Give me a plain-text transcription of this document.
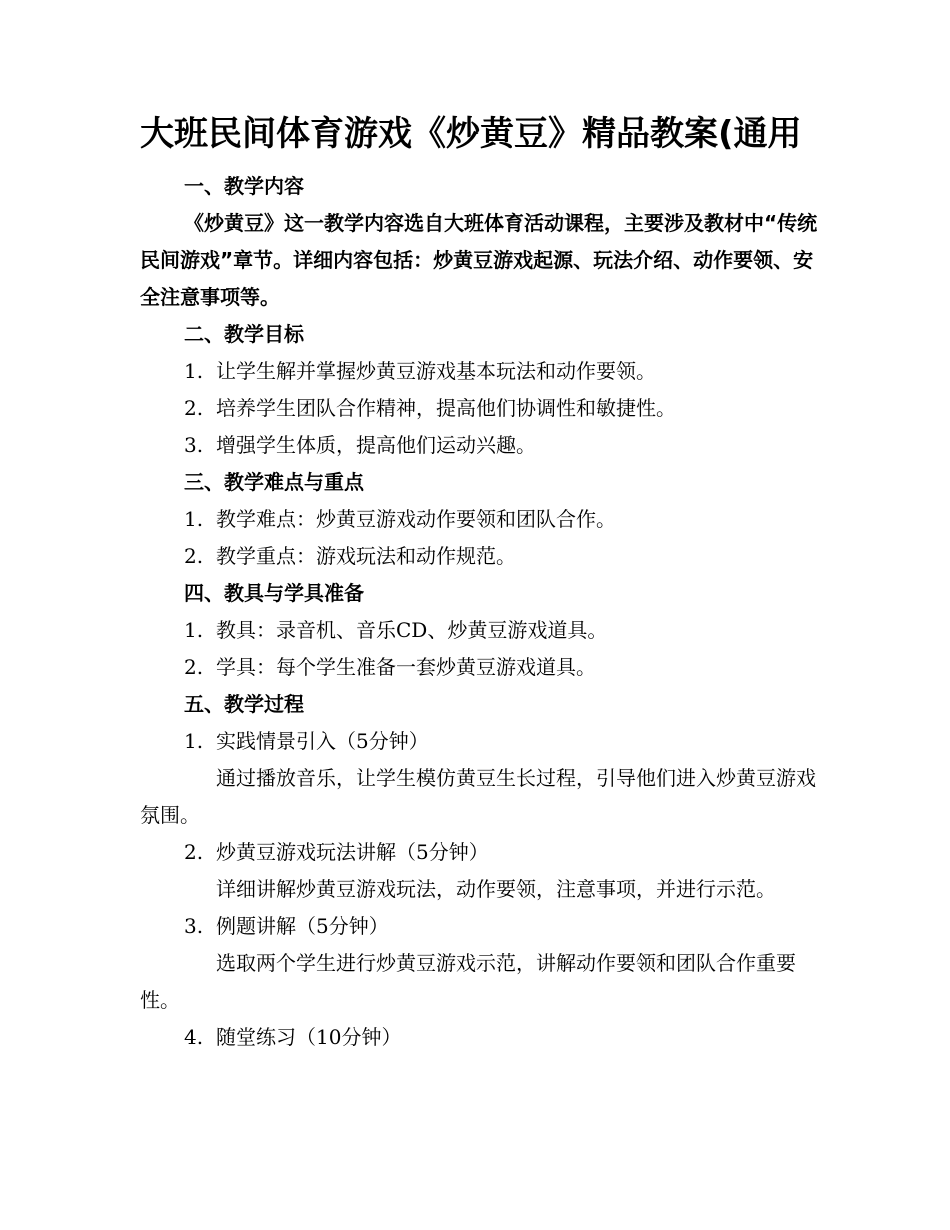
大班民间体育游戏《炒黄豆》精品教案(通用

一、教学内容

《炒黄豆》这一教学内容选自大班体育活动课程，主要涉及教材中“传统民间游戏”章节。详细内容包括：炒黄豆游戏起源、玩法介绍、动作要领、安全注意事项等。

二、教学目标

1. 让学生解并掌握炒黄豆游戏基本玩法和动作要领。

2. 培养学生团队合作精神，提高他们协调性和敏捷性。

3. 增强学生体质，提高他们运动兴趣。

三、教学难点与重点

1. 教学难点：炒黄豆游戏动作要领和团队合作。

2. 教学重点：游戏玩法和动作规范。

四、教具与学具准备

1. 教具：录音机、音乐CD、炒黄豆游戏道具。

2. 学具：每个学生准备一套炒黄豆游戏道具。

五、教学过程

1. 实践情景引入（5分钟）

通过播放音乐，让学生模仿黄豆生长过程，引导他们进入炒黄豆游戏氛围。

2. 炒黄豆游戏玩法讲解（5分钟）

详细讲解炒黄豆游戏玩法，动作要领，注意事项，并进行示范。

3. 例题讲解（5分钟）

选取两个学生进行炒黄豆游戏示范，讲解动作要领和团队合作重要性。

4. 随堂练习（10分钟）
